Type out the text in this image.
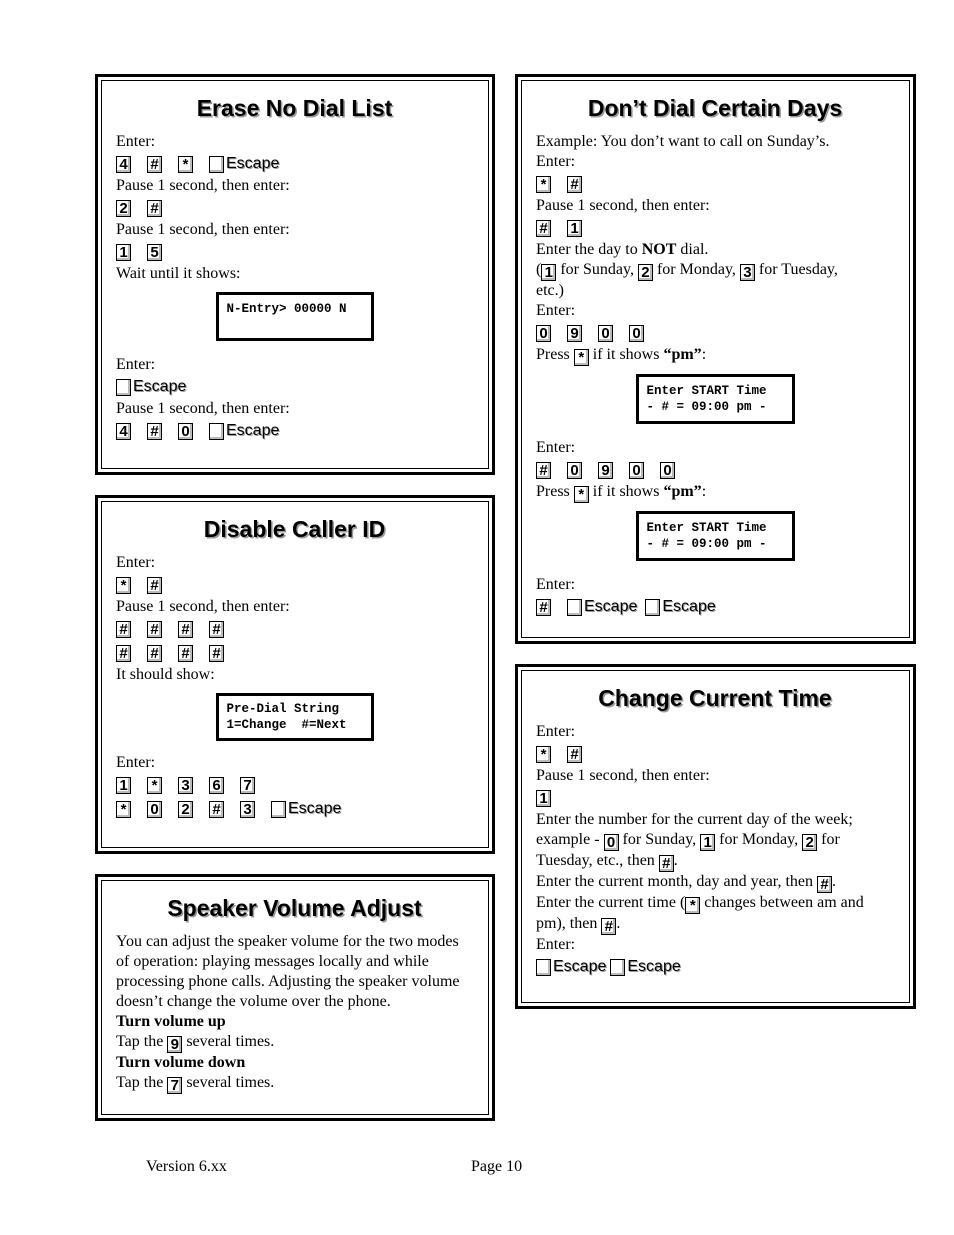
Erase No Dial List

Enter:

4 #	* Escape

Pause 1 second, then enter:

2 #

Pause 1 second, then enter:

1 5

Wait until it shows:

N-Entry> 00000 N

Enter:

Escape

Pause 1 second, then enter:

4 # 0 Escape
Disable Caller ID

Enter:

*	#

Pause 1 second, then enter:

# # # #
# # # #

It should show:

Pre-Dial String
1=Change  #=Next

Enter:

1	*	3 6 7
*	0 2 # 3 Escape
Speaker Volume Adjust

You can adjust the speaker volume for the two modes of operation: playing messages locally and while processing phone calls. Adjusting the speaker volume doesn’t change the volume over the phone.

Turn volume up

Tap the 9 several times.

Turn volume down

Tap the 7 several times.

Don’t Dial Certain Days

Example: You don’t want to call on Sunday’s.

Enter:

*	#

Pause 1 second, then enter:

# 1

Enter the day to NOT dial.

( 1 for Sunday, 2 for Monday, 3 for Tuesday,

etc.)

Enter:

0 9 0 0

Press * if it shows “pm”:

Enter START Time
- # = 09:00 pm -

Enter:

# 0 9 0 0

Press * if it shows “pm”:

Enter START Time
- # = 09:00 pm -

Enter:

# Escape Escape
Change Current Time

Enter:

*	#

Pause 1 second, then enter:

1

Enter the number for the current day of the week;

example - 0 for Sunday, 1 for Monday, 2 for

Tuesday, etc., then # .

Enter the current month, day and year, then # .

Enter the current time ( * changes between am and

pm), then # .

Enter:

Escape Escape
Version 6.xx	Page 10
